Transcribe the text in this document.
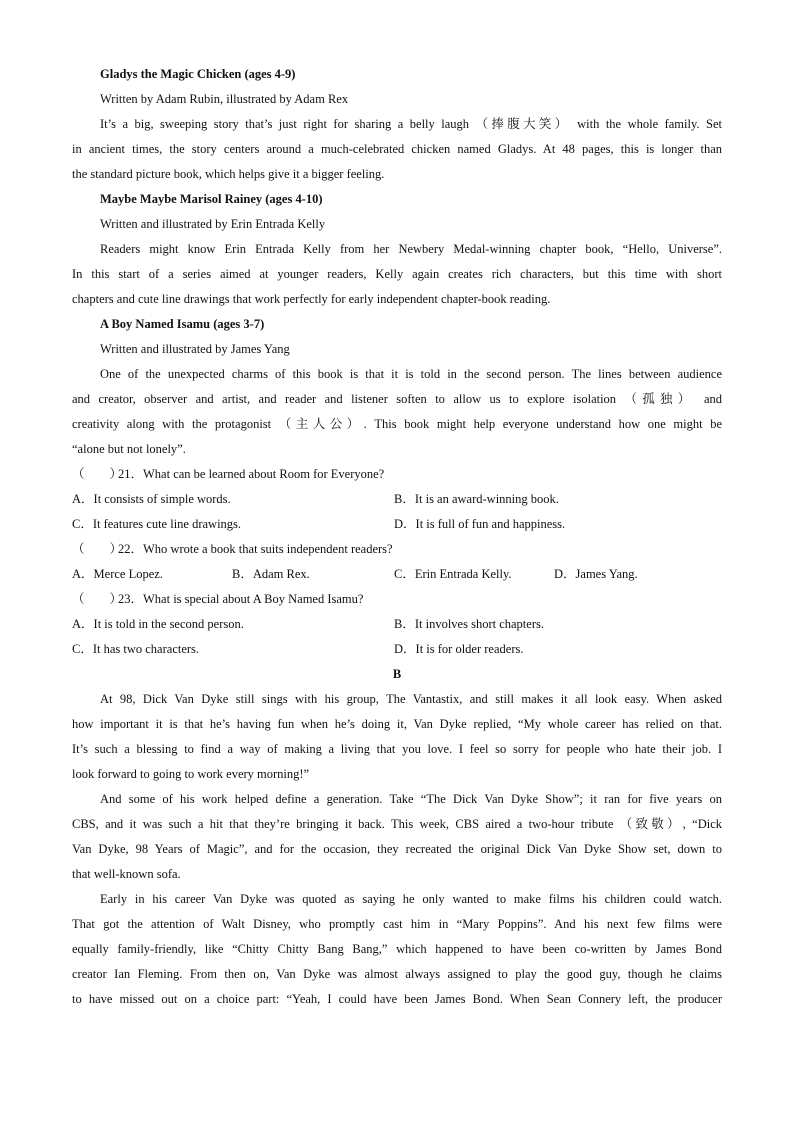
Gladys the Magic Chicken (ages 4-9)
Written by Adam Rubin, illustrated by Adam Rex
It’s a big, sweeping story that’s just right for sharing a belly laugh （捧腹大笑） with the whole family. Set
in ancient times, the story centers around a much-celebrated chicken named Gladys. At 48 pages, this is longer than
the standard picture book, which helps give it a bigger feeling.
Maybe Maybe Marisol Rainey (ages 4-10)
Written and illustrated by Erin Entrada Kelly
Readers might know Erin Entrada Kelly from her Newbery Medal-winning chapter book, “Hello, Universe”.
In this start of a series aimed at younger readers, Kelly again creates rich characters, but this time with short
chapters and cute line drawings that work perfectly for early independent chapter-book reading.
A Boy Named Isamu (ages 3-7)
Written and illustrated by James Yang
One of the unexpected charms of this book is that it is told in the second person. The lines between audience
and creator, observer and artist, and reader and listener soften to allow us to explore isolation （孤独） and
creativity along with the protagonist （主人公）. This book might help everyone understand how one might be
“alone but not lonely”.
（　　）
21．What can be learned about Room for Everyone?
A．It consists of simple words.	B．It is an award-winning book.
C．It features cute line drawings.	D．It is full of fun and happiness.
（　　）
22．Who wrote a book that suits independent readers?
A．Merce Lopez.	B．Adam Rex.	C．Erin Entrada Kelly.	D．James Yang.
（　　）
23．What is special about A Boy Named Isamu?
A．It is told in the second person.	B．It involves short chapters.
C．It has two characters.	D．It is for older readers.
B
At 98, Dick Van Dyke still sings with his group, The Vantastix, and still makes it all look easy. When asked
how important it is that he’s having fun when he’s doing it, Van Dyke replied, “My whole career has relied on that.
It’s such a blessing to find a way of making a living that you love. I feel so sorry for people who hate their job. I
look forward to going to work every morning!”
And some of his work helped define a generation. Take “The Dick Van Dyke Show”; it ran for five years on
CBS, and it was such a hit that they’re bringing it back. This week, CBS aired a two-hour tribute （致敬）, “Dick
Van Dyke, 98 Years of Magic”, and for the occasion, they recreated the original Dick Van Dyke Show set, down to
that well-known sofa.
Early in his career Van Dyke was quoted as saying he only wanted to make films his children could watch.
That got the attention of Walt Disney, who promptly cast him in “Mary Poppins”. And his next few films were
equally family-friendly, like “Chitty Chitty Bang Bang,” which happened to have been co-written by James Bond
creator Ian Fleming. From then on, Van Dyke was almost always assigned to play the good guy, though he claims
to have missed out on a choice part: “Yeah, I could have been James Bond. When Sean Connery left, the producer
